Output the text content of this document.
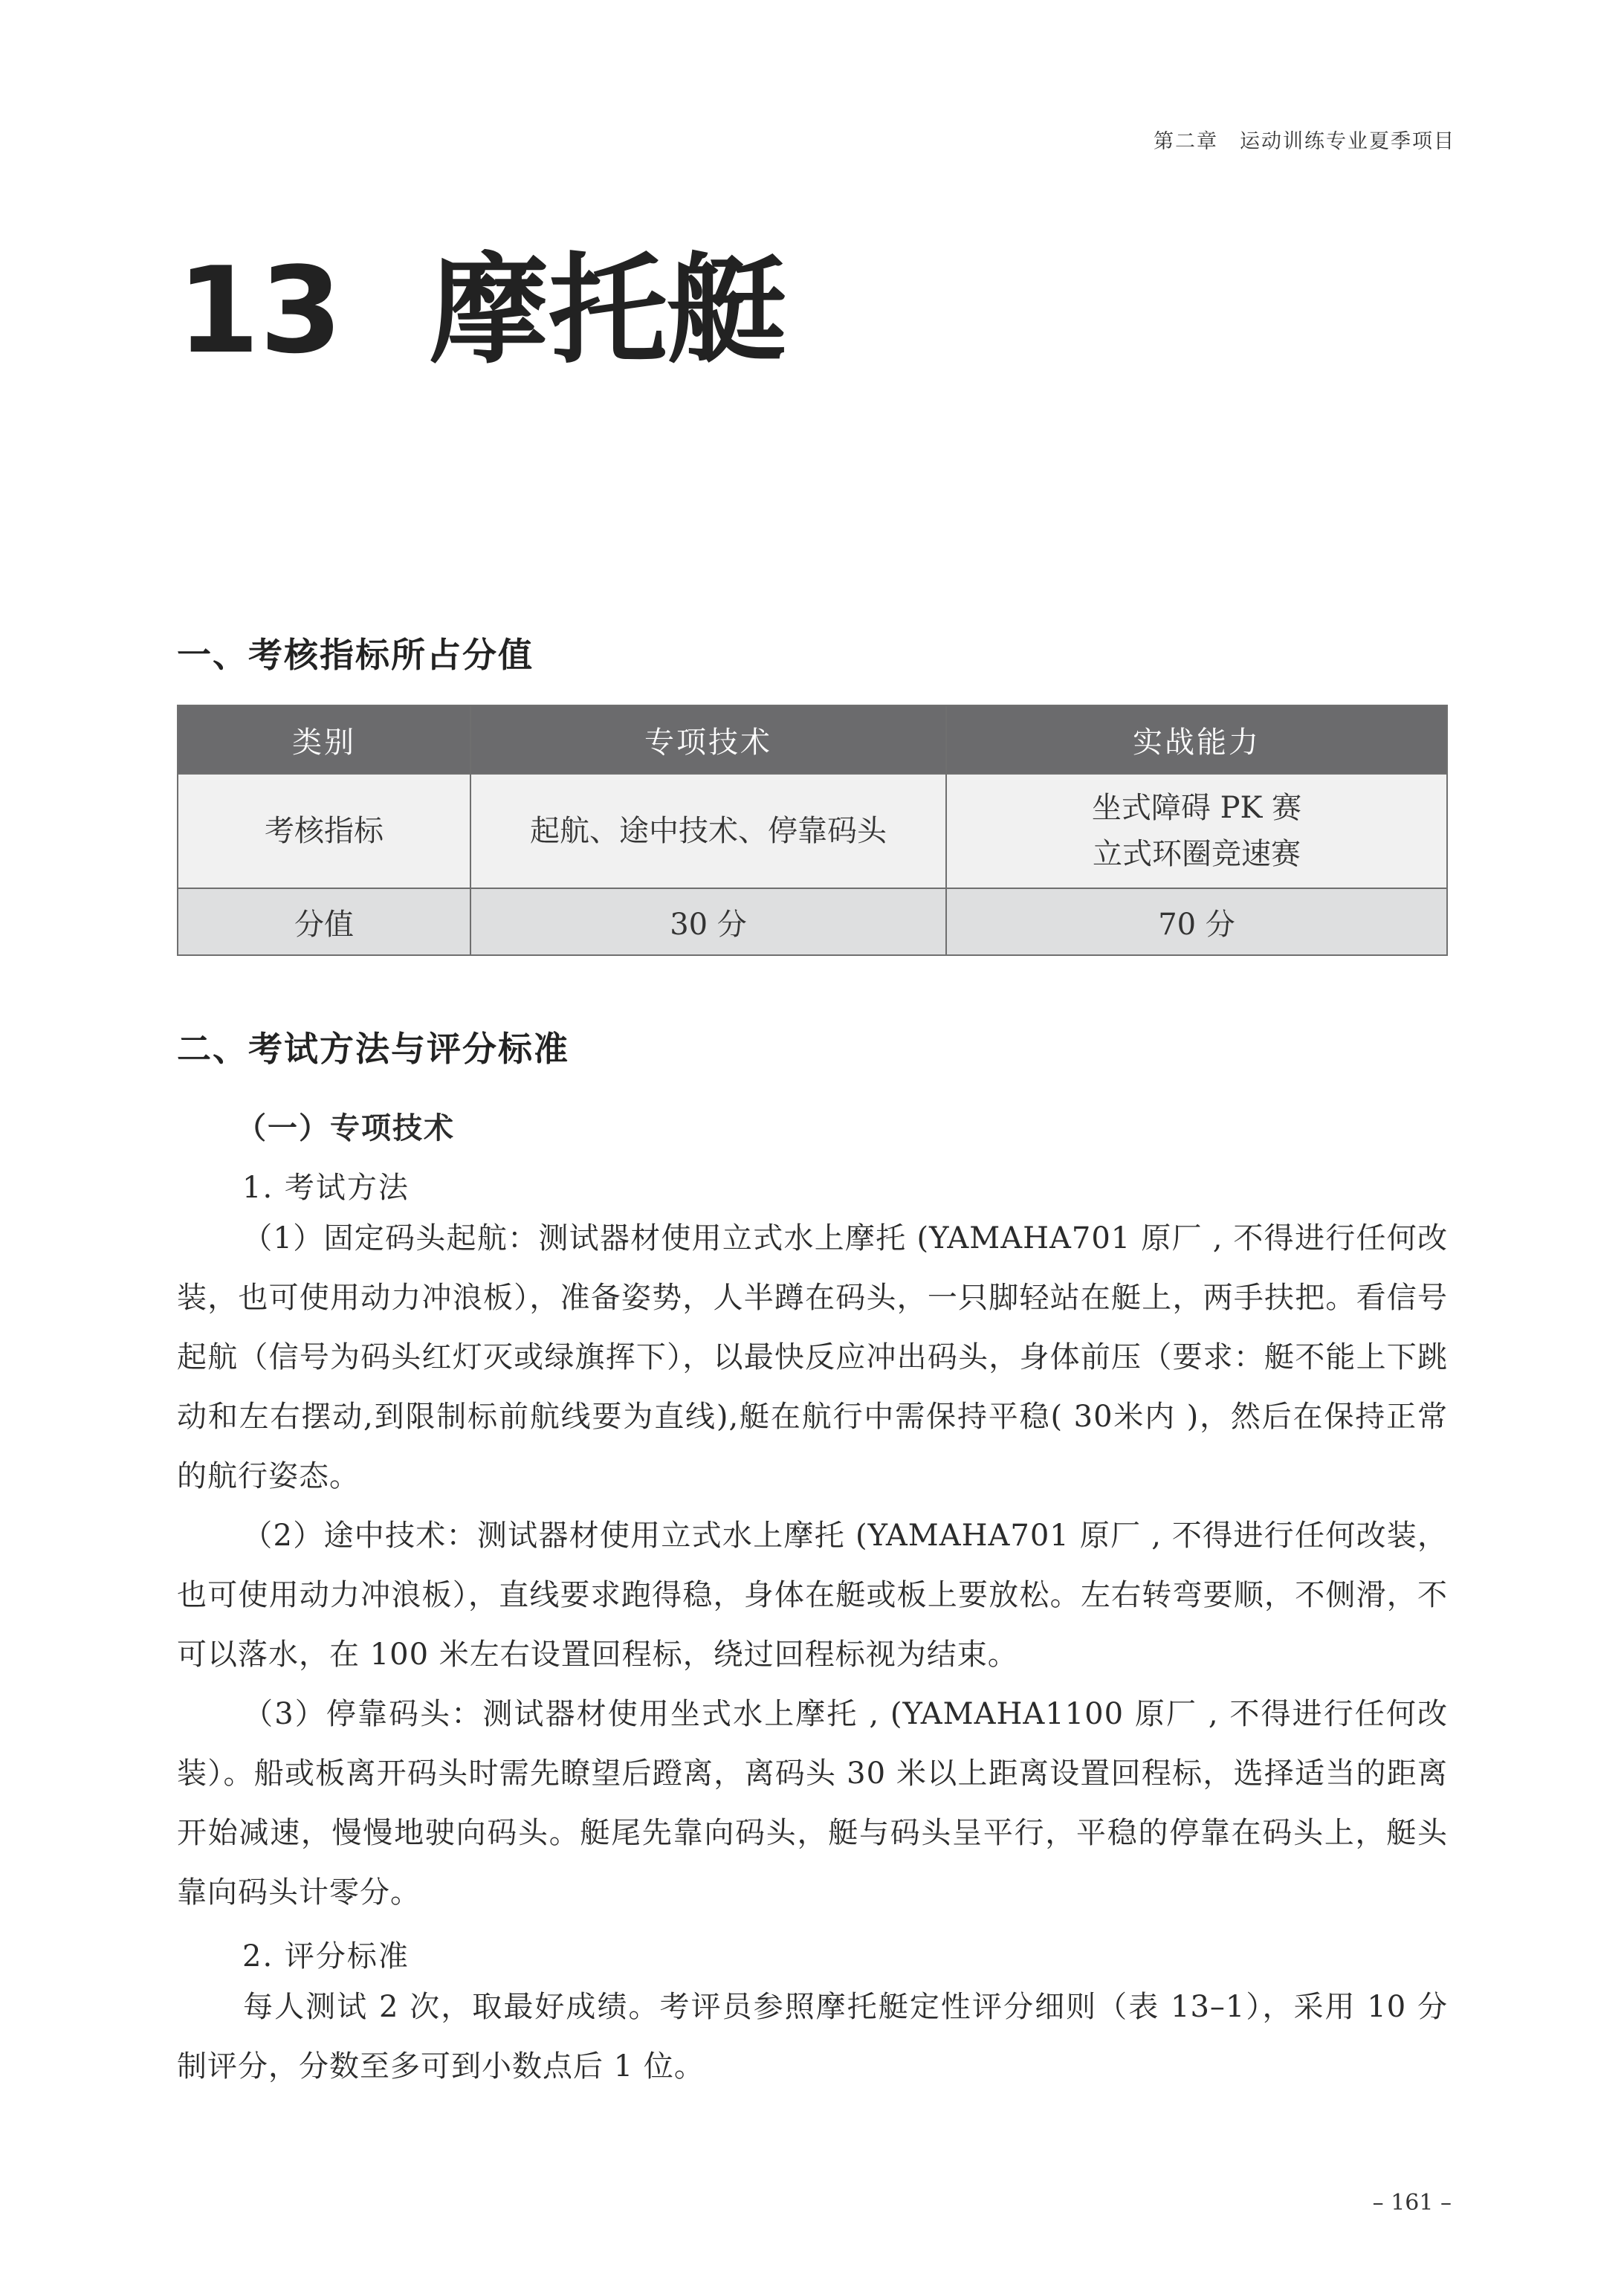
第二章　运动训练专业夏季项目
13 摩托艇
一、考核指标所占分值
类别	专项技术	实战能力
考核指标	起航、途中技术、停靠码头	坐式障碍 PK 赛
立式环圈竞速赛

分值	30 分	70 分
二、考试方法与评分标准
（一）专项技术
1. 考试方法
（1）固定码头起航：测试器材使用立式水上摩托 (YAMAHA701 原厂 , 不得进行任何改装，也可使用动力冲浪板），准备姿势，人半蹲在码头，一只脚轻站在艇上，两手扶把。看信号起航（信号为码头红灯灭或绿旗挥下），以最快反应冲出码头，身体前压（要求：艇不能上下跳动和左右摆动,到限制标前航线要为直线),艇在航行中需保持平稳( 30米内 )，然后在保持正常的航行姿态。
（2）途中技术：测试器材使用立式水上摩托 (YAMAHA701 原厂 , 不得进行任何改装，也可使用动力冲浪板），直线要求跑得稳，身体在艇或板上要放松。左右转弯要顺，不侧滑，不可以落水，在 100 米左右设置回程标，绕过回程标视为结束。
（3）停靠码头：测试器材使用坐式水上摩托 , (YAMAHA1100 原厂 , 不得进行任何改装）。船或板离开码头时需先瞭望后蹬离，离码头 30 米以上距离设置回程标，选择适当的距离开始减速，慢慢地驶向码头。艇尾先靠向码头，艇与码头呈平行，平稳的停靠在码头上，艇头靠向码头计零分。
2. 评分标准
每人测试 2 次，取最好成绩。考评员参照摩托艇定性评分细则（表 13–1），采用 10 分制评分，分数至多可到小数点后 1 位。
– 161 –
